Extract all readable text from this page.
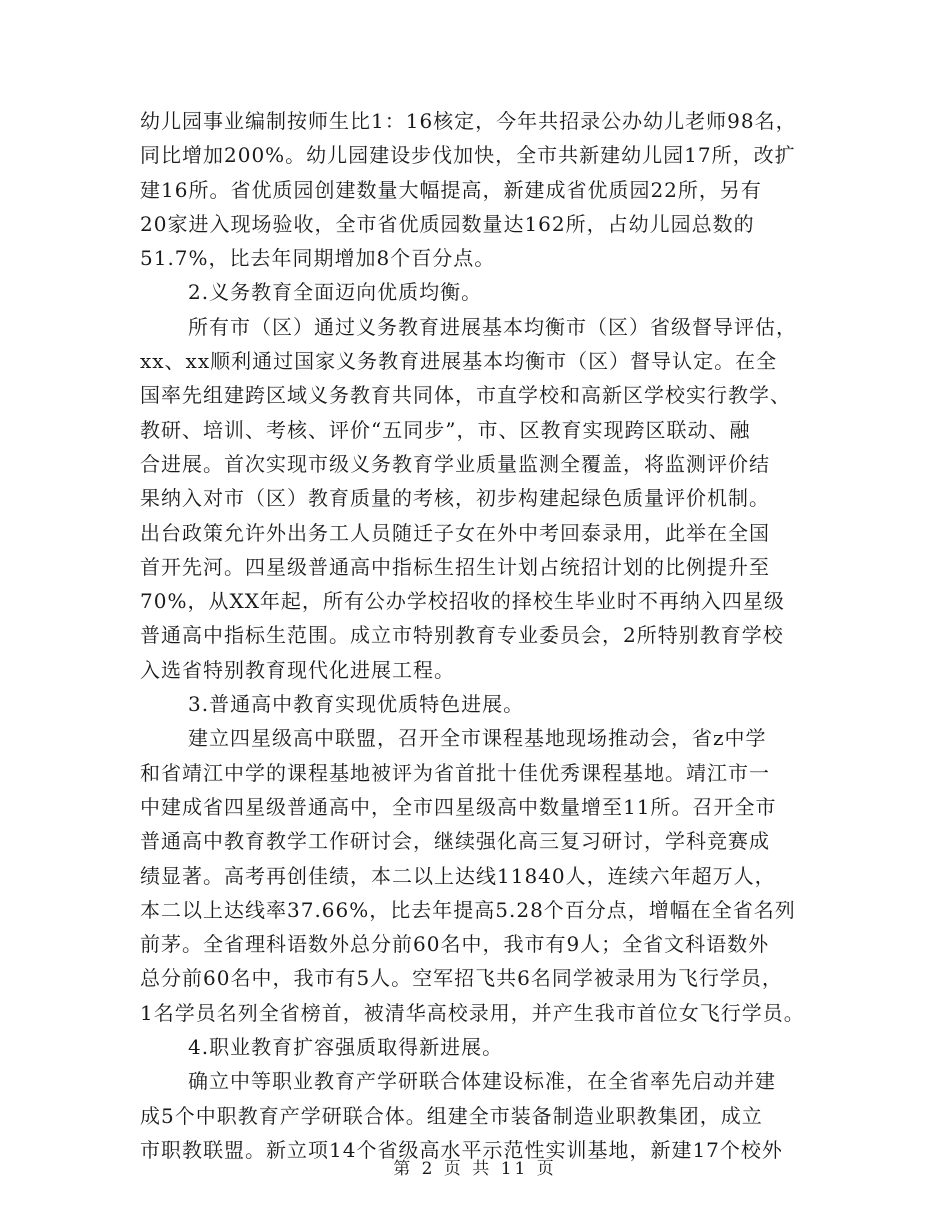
幼儿园事业编制按师生比1：16核定，今年共招录公办幼儿老师98名，
同比增加200%。幼儿园建设步伐加快，全市共新建幼儿园17所，改扩
建16所。省优质园创建数量大幅提高，新建成省优质园22所，另有
20家进入现场验收，全市省优质园数量达162所，占幼儿园总数的
51.7%，比去年同期增加8个百分点。
2.义务教育全面迈向优质均衡。
所有市（区）通过义务教育进展基本均衡市（区）省级督导评估，
xx、xx顺利通过国家义务教育进展基本均衡市（区）督导认定。在全
国率先组建跨区域义务教育共同体，市直学校和高新区学校实行教学、
教研、培训、考核、评价“五同步”，市、区教育实现跨区联动、融
合进展。首次实现市级义务教育学业质量监测全覆盖，将监测评价结
果纳入对市（区）教育质量的考核，初步构建起绿色质量评价机制。
出台政策允许外出务工人员随迁子女在外中考回泰录用，此举在全国
首开先河。四星级普通高中指标生招生计划占统招计划的比例提升至
70%，从XX年起，所有公办学校招收的择校生毕业时不再纳入四星级
普通高中指标生范围。成立市特别教育专业委员会，2所特别教育学校
入选省特别教育现代化进展工程。
3.普通高中教育实现优质特色进展。
建立四星级高中联盟，召开全市课程基地现场推动会，省z中学
和省靖江中学的课程基地被评为省首批十佳优秀课程基地。靖江市一
中建成省四星级普通高中，全市四星级高中数量增至11所。召开全市
普通高中教育教学工作研讨会，继续强化高三复习研讨，学科竞赛成
绩显著。高考再创佳绩，本二以上达线11840人，连续六年超万人，
本二以上达线率37.66%，比去年提高5.28个百分点，增幅在全省名列
前茅。全省理科语数外总分前60名中，我市有9人；全省文科语数外
总分前60名中，我市有5人。空军招飞共6名同学被录用为飞行学员，
1名学员名列全省榜首，被清华高校录用，并产生我市首位女飞行学员。
4.职业教育扩容强质取得新进展。
确立中等职业教育产学研联合体建设标准，在全省率先启动并建
成5个中职教育产学研联合体。组建全市装备制造业职教集团，成立
市职教联盟。新立项14个省级高水平示范性实训基地，新建17个校外
第 2 页 共 11 页
